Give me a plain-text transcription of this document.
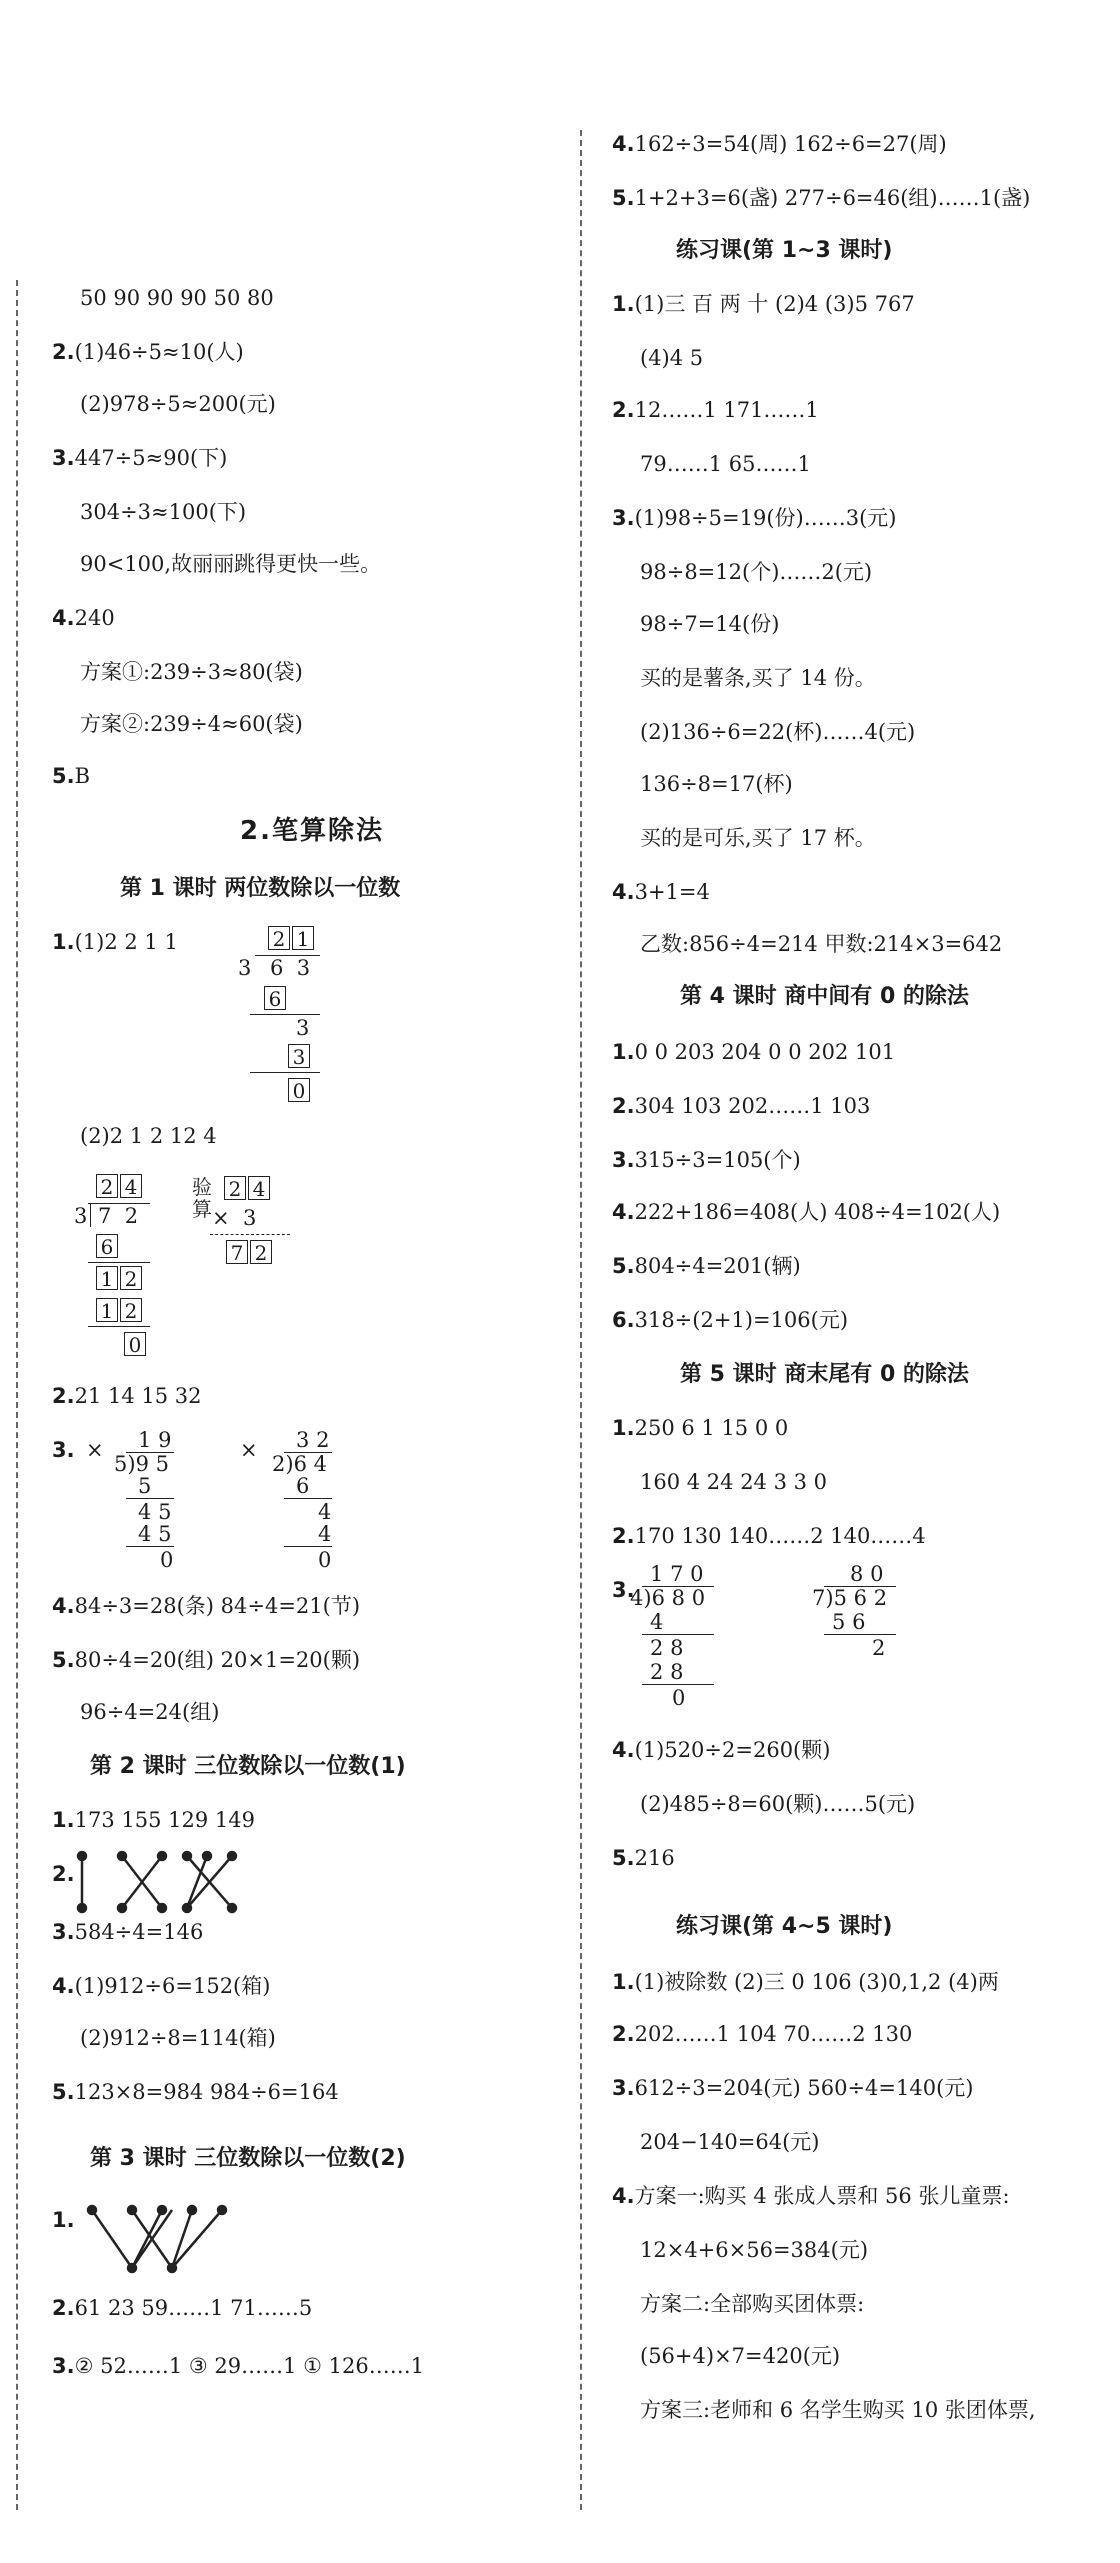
50 90 90 90 50 80
2.(1)46÷5≈10(人)
(2)978÷5≈200(元)
3.447÷5≈90(下)
304÷3≈100(下)
90<100,故丽丽跳得更快一些。
4.240
方案①:239÷3≈80(袋)
方案②:239÷4≈60(袋)
5.B
2.笔算除法
第 1 课时 两位数除以一位数
1.(1)2 2 1 1	2 1
3 6 3
6
3
3
0
(2)2 1 2 12 4
2 4
3 7 2
6
1 2
1 2
0
验算
2 4
× 3
7 2
2.21 14 15 32
3. × 1 9
5)9 5
5
4 5
4 5
0
× 3 2
2)6 4
6
4
4
0
4.84÷3=28(条) 84÷4=21(节)
5.80÷4=20(组) 20×1=20(颗)
96÷4=24(组)
第 2 课时 三位数除以一位数(1)
1.173 155 129 149
2.
3.584÷4=146
4.(1)912÷6=152(箱)
(2)912÷8=114(箱)
5.123×8=984 984÷6=164
第 3 课时 三位数除以一位数(2)
1.
2.61 23 59……1 71……5
3.② 52……1 ③ 29……1 ① 126……1
4.162÷3=54(周) 162÷6=27(周)
5.1+2+3=6(盏) 277÷6=46(组)……1(盏)
练习课(第 1~3 课时)
1.(1)三 百 两 十 (2)4 (3)5 767
(4)4 5
2.12……1 171……1
79……1 65……1
3.(1)98÷5=19(份)……3(元)
98÷8=12(个)……2(元)
98÷7=14(份)
买的是薯条,买了 14 份。
(2)136÷6=22(杯)……4(元)
136÷8=17(杯)
买的是可乐,买了 17 杯。
4.3+1=4
乙数:856÷4=214 甲数:214×3=642
第 4 课时 商中间有 0 的除法
1.0 0 203 204 0 0 202 101
2.304 103 202……1 103
3.315÷3=105(个)
4.222+186=408(人) 408÷4=102(人)
5.804÷4=201(辆)
6.318÷(2+1)=106(元)
第 5 课时 商末尾有 0 的除法
1.250 6 1 15 0 0
160 4 24 24 3 3 0
2.170 130 140……2 140……4
3.
1 7 0
4)6 8 0
4
2 8
2 8
0
8 0
7)5 6 2
5 6
2
4.(1)520÷2=260(颗)
(2)485÷8=60(颗)……5(元)
5.216
练习课(第 4~5 课时)
1.(1)被除数 (2)三 0 106 (3)0,1,2 (4)两
2.202……1 104 70……2 130
3.612÷3=204(元) 560÷4=140(元)
204−140=64(元)
4.方案一:购买 4 张成人票和 56 张儿童票:
12×4+6×56=384(元)
方案二:全部购买团体票:
(56+4)×7=420(元)
方案三:老师和 6 名学生购买 10 张团体票,
